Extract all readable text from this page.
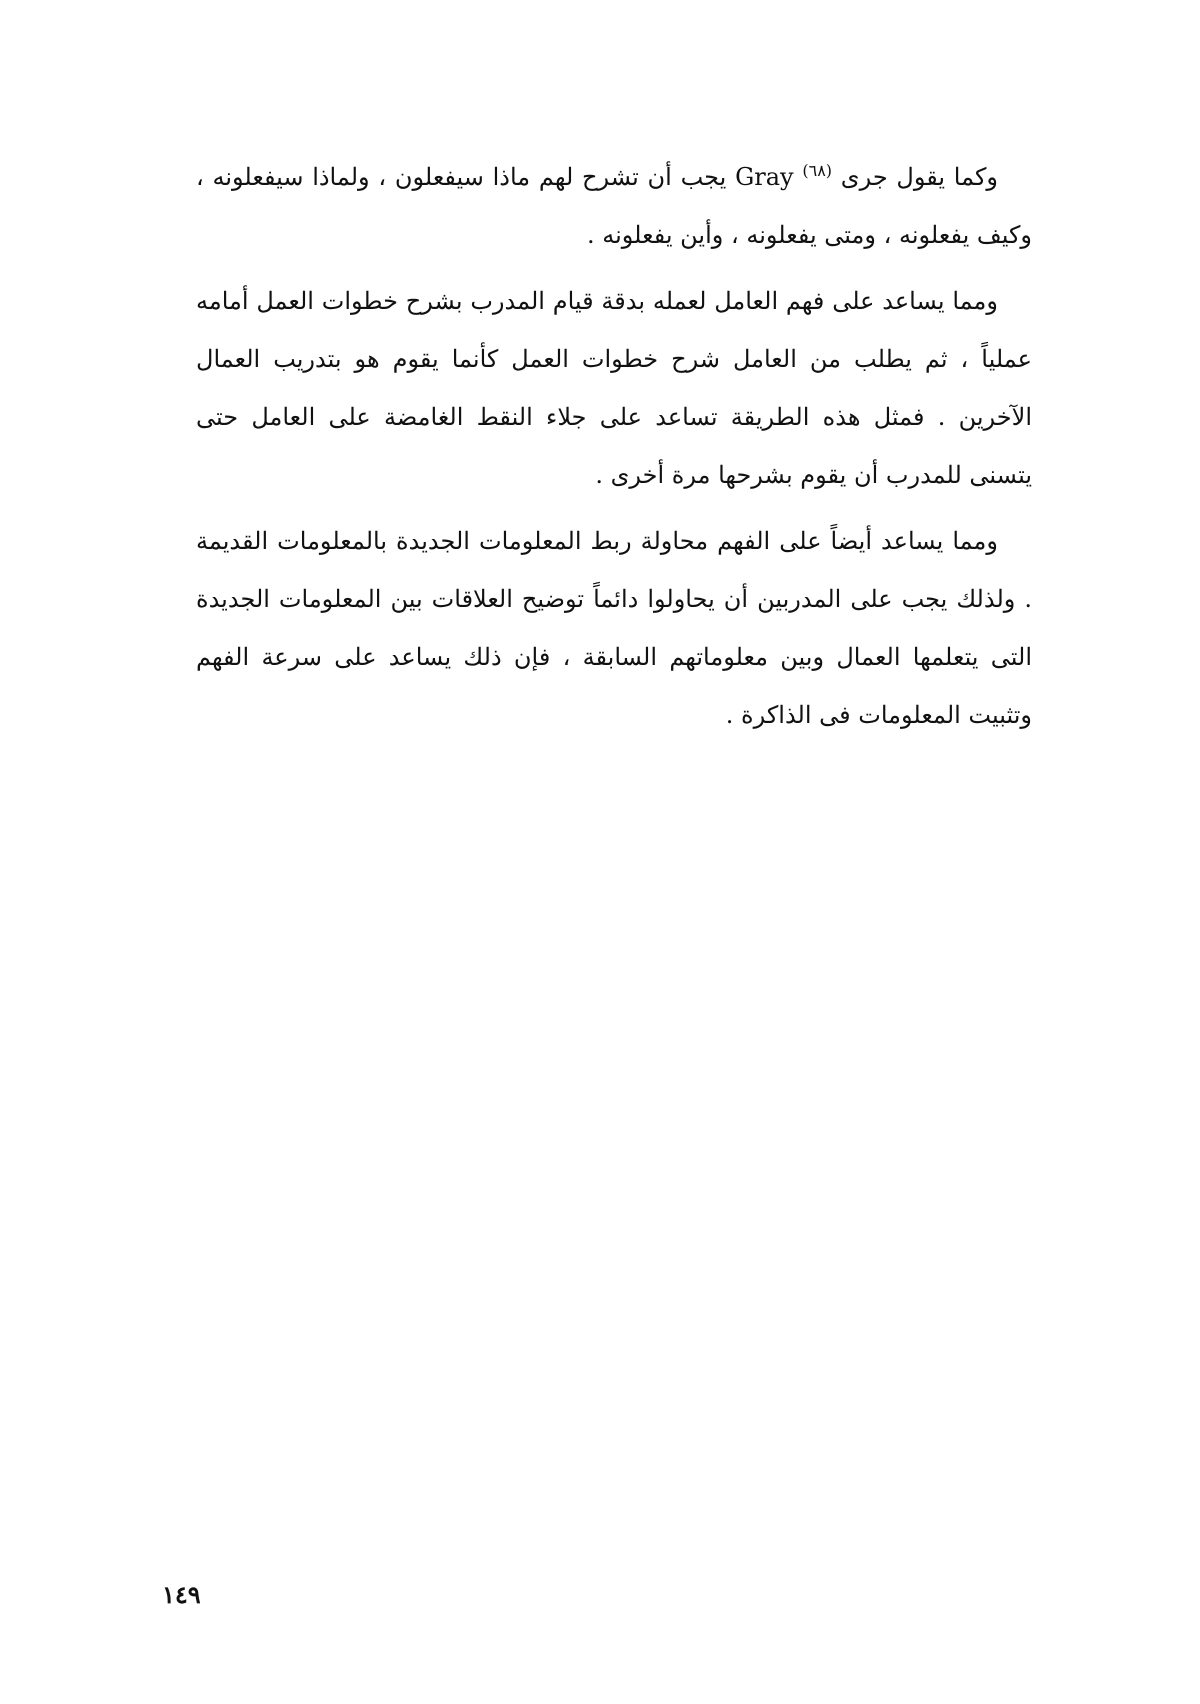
وكما يقول جرى $^{(٦٨)}$ Gray يجب أن تشرح لهم ماذا سيفعلون ، ولماذا سيفعلونه ، وكيف يفعلونه ، ومتى يفعلونه ، وأين يفعلونه .

ومما يساعد على فهم العامل لعمله بدقة قيام المدرب بشرح خطوات العمل أمامه عملياً ، ثم يطلب من العامل شرح خطوات العمل كأنما يقوم هو بتدريب العمال الآخرين . فمثل هذه الطريقة تساعد على جلاء النقط الغامضة على العامل حتى يتسنى للمدرب أن يقوم بشرحها مرة أخرى .

ومما يساعد أيضاً على الفهم محاولة ربط المعلومات الجديدة بالمعلومات القديمة . ولذلك يجب على المدربين أن يحاولوا دائماً توضيح العلاقات بين المعلومات الجديدة التى يتعلمها العمال وبين معلوماتهم السابقة ، فإن ذلك يساعد على سرعة الفهم وتثبيت المعلومات فى الذاكرة .

١٤٩
